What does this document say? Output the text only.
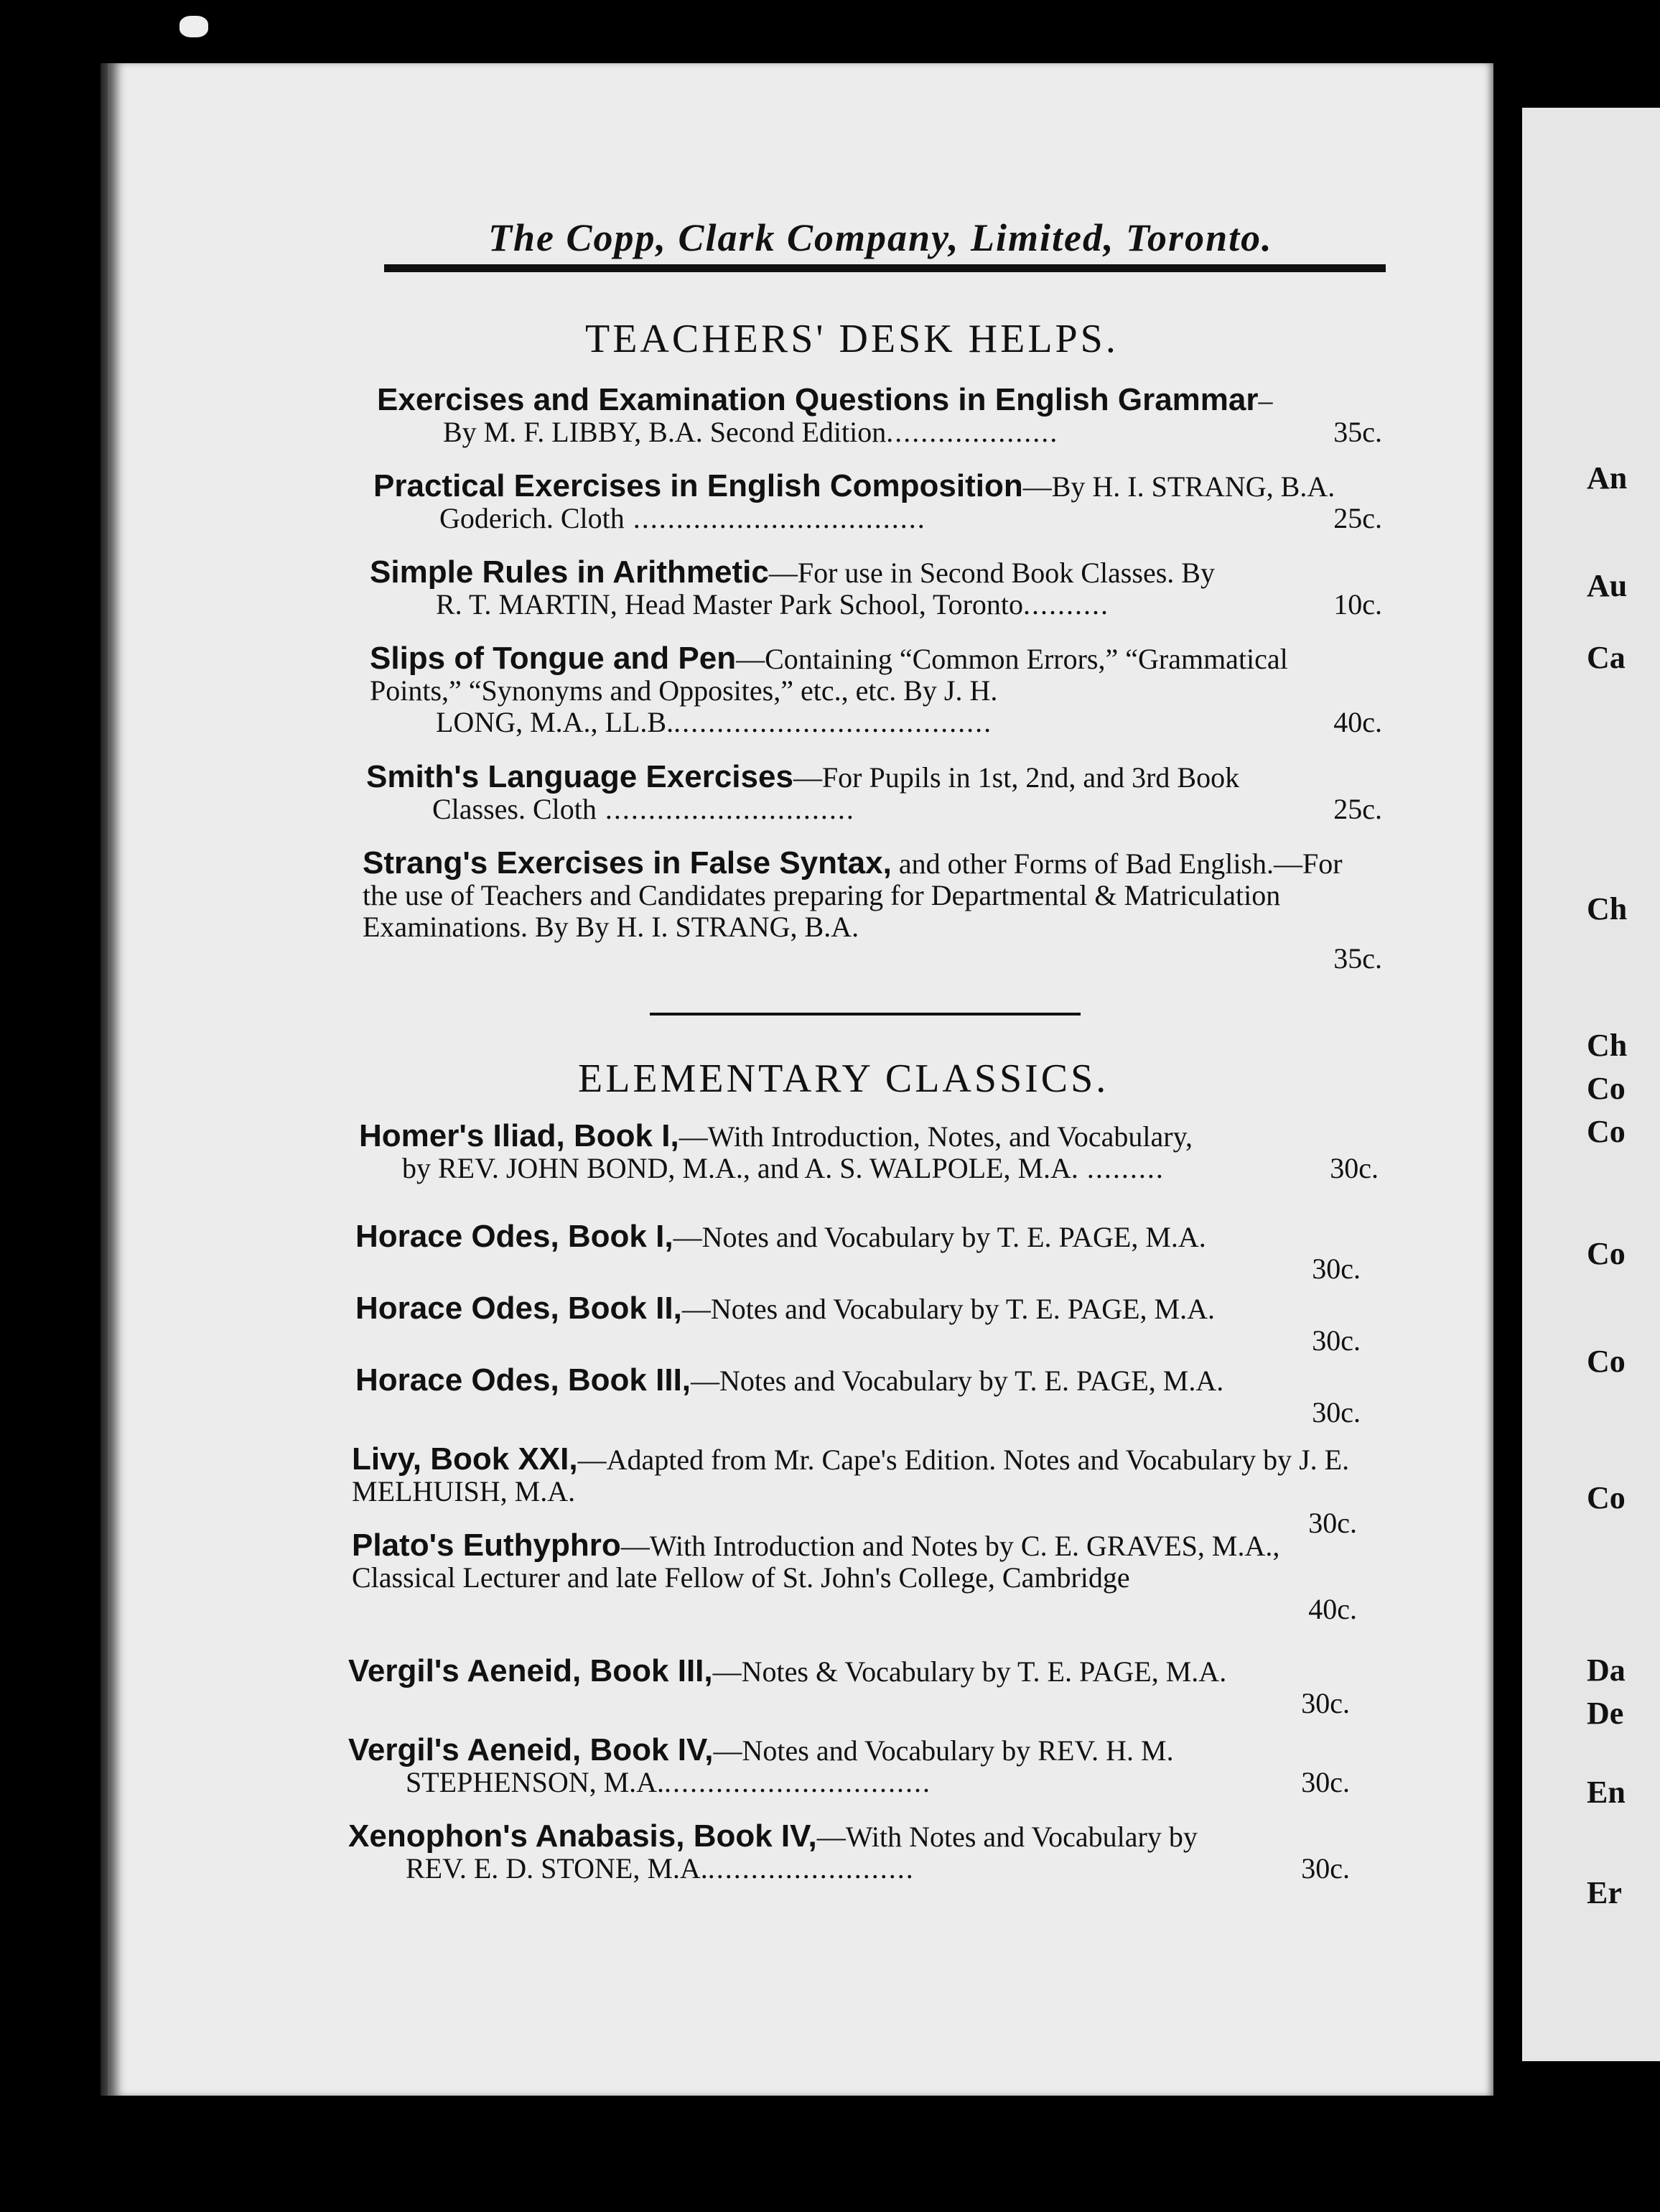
The Copp, Clark Company, Limited, Toronto.
TEACHERS' DESK HELPS.
Exercises and Examination Questions in English Grammar–
By M. F. LIBBY, B.A. Second Edition....................	35c.
Practical Exercises in English Composition—By H. I. STRANG, B.A.
Goderich. Cloth ..................................	25c.
Simple Rules in Arithmetic—For use in Second Book Classes. By
R. T. MARTIN, Head Master Park School, Toronto..........	10c.
Slips of Tongue and Pen—Containing “Common Errors,” “Grammatical Points,” “Synonyms and Opposites,” etc., etc. By J. H.
LONG, M.A., LL.B......................................	40c.
Smith's Language Exercises—For Pupils in 1st, 2nd, and 3rd Book
Classes. Cloth .............................	25c.
Strang's Exercises in False Syntax, and other Forms of Bad English.—For the use of Teachers and Candidates preparing for Departmental & Matriculation Examinations. By By H. I. STRANG, B.A.
35c.
ELEMENTARY CLASSICS.
Homer's Iliad, Book I,—With Introduction, Notes, and Vocabulary,
by REV. JOHN BOND, M.A., and A. S. WALPOLE, M.A. .........	30c.
Horace Odes, Book I,—Notes and Vocabulary by T. E. PAGE, M.A.
30c.
Horace Odes, Book II,—Notes and Vocabulary by T. E. PAGE, M.A.
30c.
Horace Odes, Book III,—Notes and Vocabulary by T. E. PAGE, M.A.
30c.
Livy, Book XXI,—Adapted from Mr. Cape's Edition. Notes and Vocabulary by J. E. MELHUISH, M.A.
30c.
Plato's Euthyphro—With Introduction and Notes by C. E. GRAVES, M.A., Classical Lecturer and late Fellow of St. John's College, Cambridge
40c.
Vergil's Aeneid, Book III,—Notes & Vocabulary by T. E. PAGE, M.A.
30c.
Vergil's Aeneid, Book IV,—Notes and Vocabulary by REV. H. M.
STEPHENSON, M.A................................	30c.
Xenophon's Anabasis, Book IV,—With Notes and Vocabulary by
REV. E. D. STONE, M.A.........................	30c.
An
Au
Ca
Ch
Ch
Co
Co
Co
Co
Co
Da
De
En
Er
